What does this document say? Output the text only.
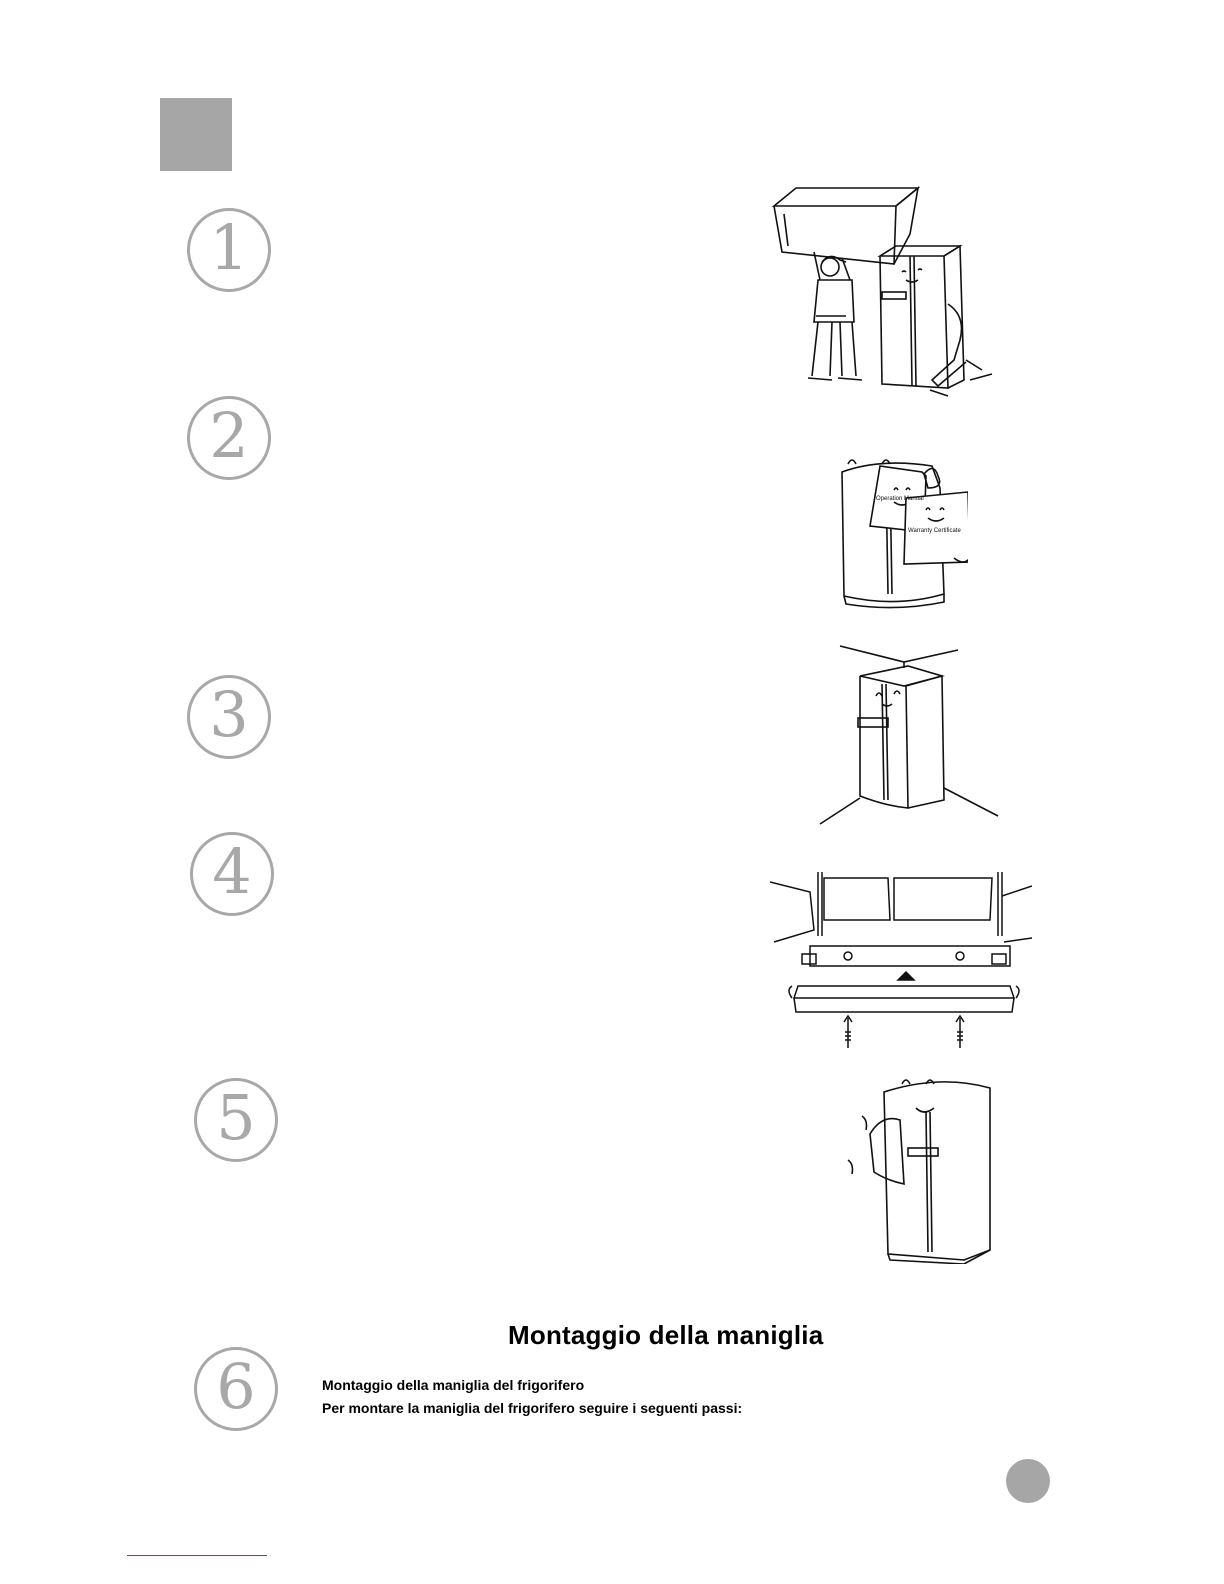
1
2
3
4
5
6
Operation Manual
Warranty Certificate
Montaggio della maniglia
Montaggio della maniglia del frigorifero
Per montare la maniglia del frigorifero seguire i seguenti passi:
